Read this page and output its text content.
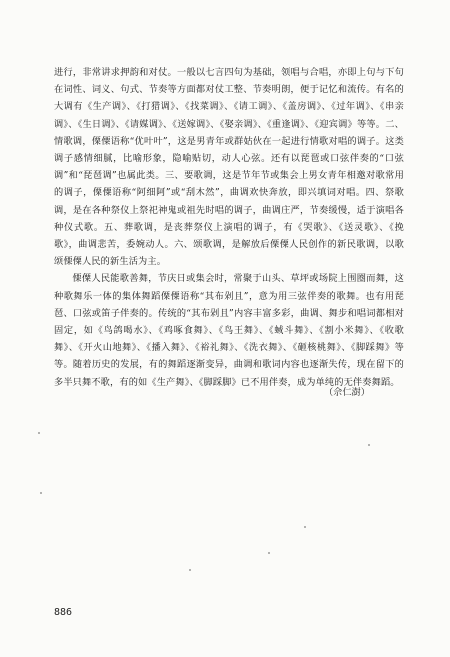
进行，非常讲求押韵和对仗。一般以七言四句为基础，领唱与合唱，亦即上句与下句在词性、词义、句式、节奏等方面都对仗工整、节奏明朗，便于记忆和流传。有名的大调有《生产调》、《打猎调》、《找菜调》、《请工调》、《盖房调》、《过年调》、《串亲调》、《生日调》、《请媒调》、《送嫁调》、《娶亲调》、《重逢调》、《迎宾调》等等。二、情歌调，傈僳语称“优叶叶”，这是男青年或群姑伙在一起进行情歌对唱的调子。这类调子感情细腻，比喻形象，隐喻贴切，动人心弦。还有以琵琶或口弦伴奏的“口弦调”和“琵琶调”也属此类。三、要歌调，这是节年节或集会上男女青年相邀对歌常用的调子，傈僳语称“阿细阿”或“刮木然”，曲调欢快奔放，即兴填词对唱。四、祭歌调，是在各种祭仪上祭祀神鬼或祖先时唱的调子，曲调庄严，节奏缓慢，适于演唱各种仪式歌。五、葬歌调，是丧葬祭仪上演唱的调子，有《哭歌》、《送灵歌》、《挽歌》，曲调悲苦，委婉动人。六、颂歌调，是解放后傈僳人民创作的新民歌调，以歌颂傈僳人民的新生活为主。

傈僳人民能歌善舞，节庆日或集会时，常聚于山头、草坪或场院上围圈而舞，这种歌舞乐一体的集体舞蹈傈僳语称“其布剁且”，意为用三弦伴奏的歌舞。也有用琵琶、口弦或笛子伴奏的。传统的“其布剁且”内容丰富多彩，曲调、舞步和唱词都相对固定，如《鸟鸽喝水》、《鸡啄食舞》、《鸟王舞》、《蜮斗舞》、《割小米舞》、《收歌舞》、《开火山地舞》、《播入舞》、《裕礼舞》、《洗衣舞》、《砸核桃舞》、《脚踩舞》等等。随着历史的发展，有的舞蹈逐渐变异，曲调和歌词内容也逐渐失传，现在留下的多半只舞不歌，有的如《生产舞》、《脚踩脚》已不用伴奏，成为单纯的无伴奏舞蹈。

（佘仁澍）
886
